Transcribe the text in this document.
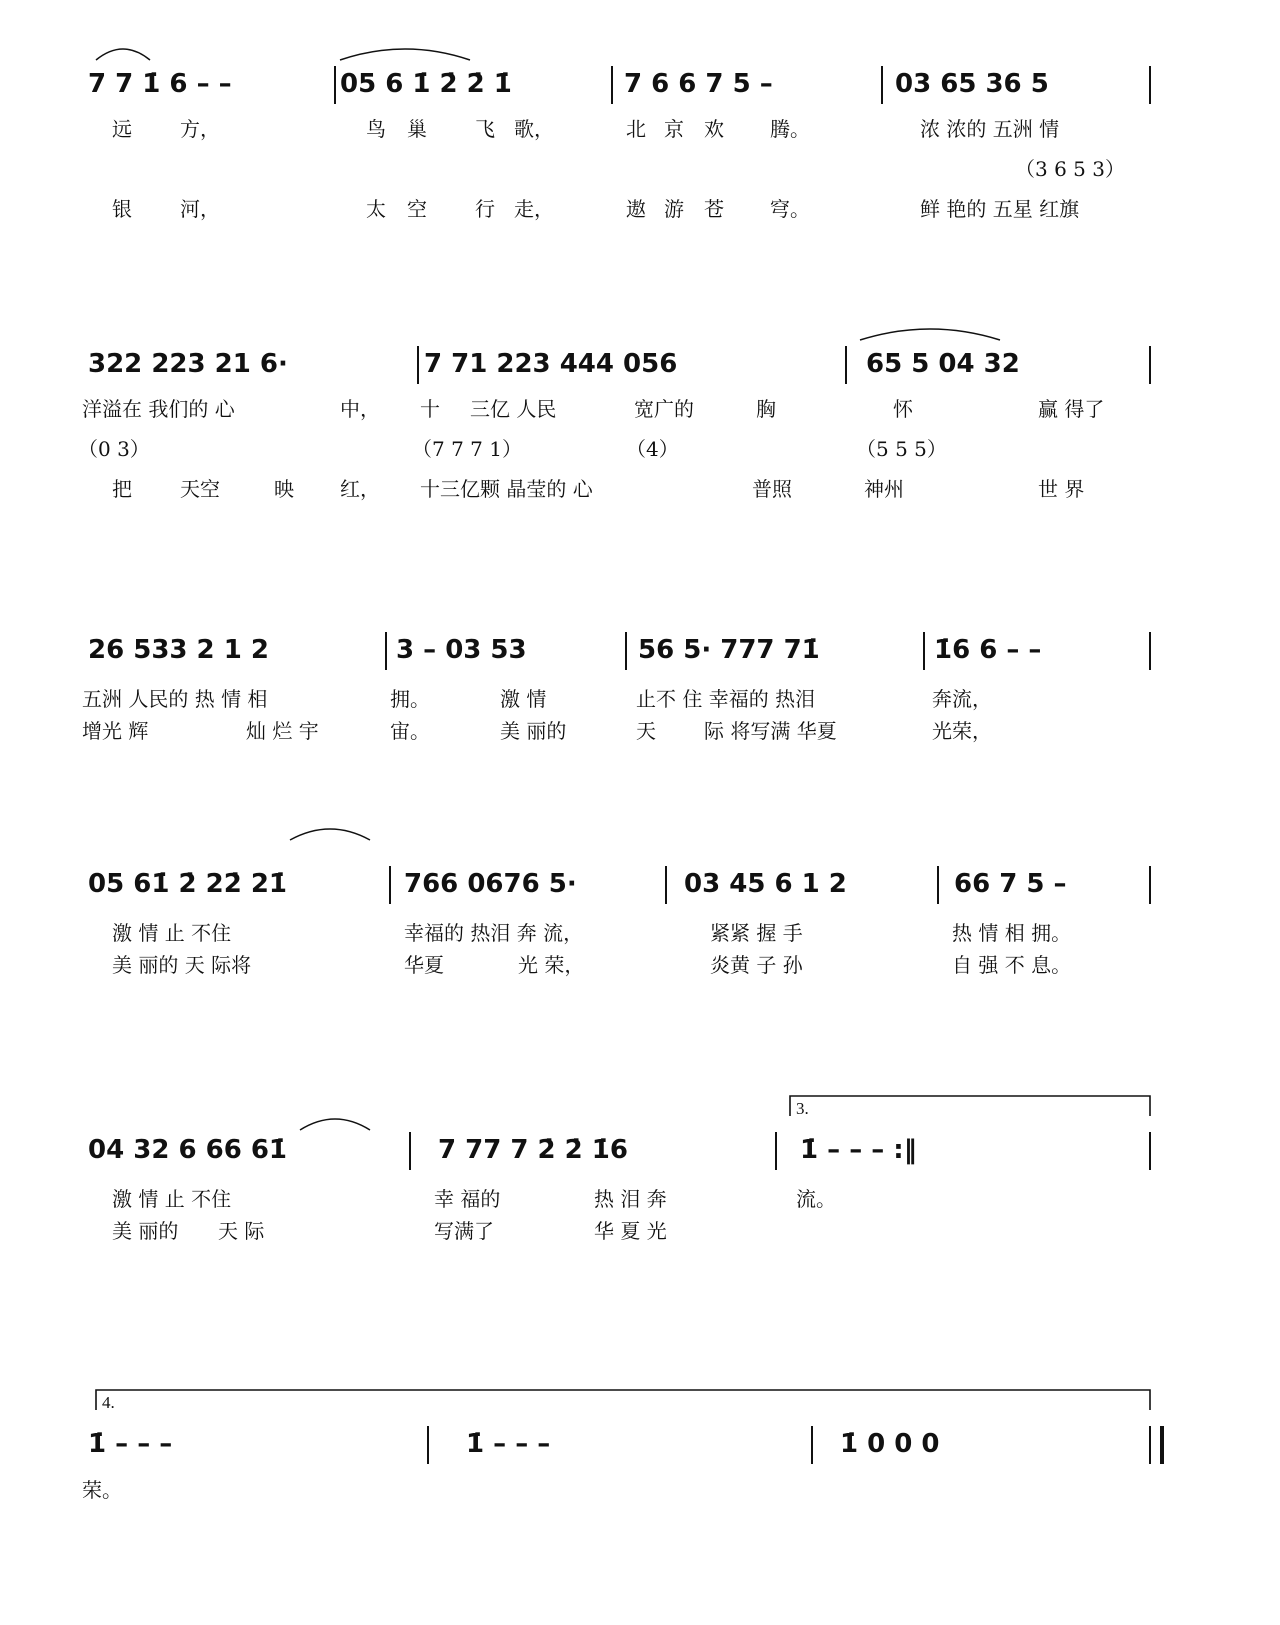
7 7 1̇ 6 – –	05 6 1̇ 2̇ 2̇ 1̇	7 6 6 7 5 –	03 65 36 5
远 方，	鸟 巢 飞 歌，	北 京 欢 腾。	浓 浓的 五洲 情
（3 6 5 3）
银 河，	太 空 行 走，	遨 游 苍 穹。	鲜 艳的 五星 红旗
322 223 21 6·	7 71 223 444 056	65 5 04 32
洋溢在 我们的 心	中， 十 三亿 人民	宽广的	胸	怀	赢 得了
（0 3）	（7 7 7 1）	（4）	（5 5 5）
把 天空	映 红， 十三亿颗 晶莹的 心	普照	神州	世 界
26 533 2 1 2	3 – 03 53	56 5· 777 71̇	1̇6 6 – –
五洲 人民的 热 情 相	拥。	激 情	止不 住 幸福的 热泪	奔流，
增光 辉	灿 烂 宇	宙。	美 丽的	天 际 将写满 华夏	光荣，
05 61̇ 2̇ 22̇ 21̇	766 0676 5·	03 45 6 1 2	66 7 5 –
激 情 止 不住	幸福的 热泪 奔 流，	紧紧 握 手	热 情 相 拥。
美 丽的 天 际将	华夏	光 荣，	炎黄 子 孙	自 强 不 息。
04 32 6 66 61̇	7 77 7 2̇ 2̇ 1̇6	1̇ – – – :‖
3.
激 情 止 不住	幸 福的	热 泪 奔	流。
美 丽的 天 际	写满了	华 夏 光
1̇ – – –	1̇ – – –	1̇ 0 0 0
4.
荣。
